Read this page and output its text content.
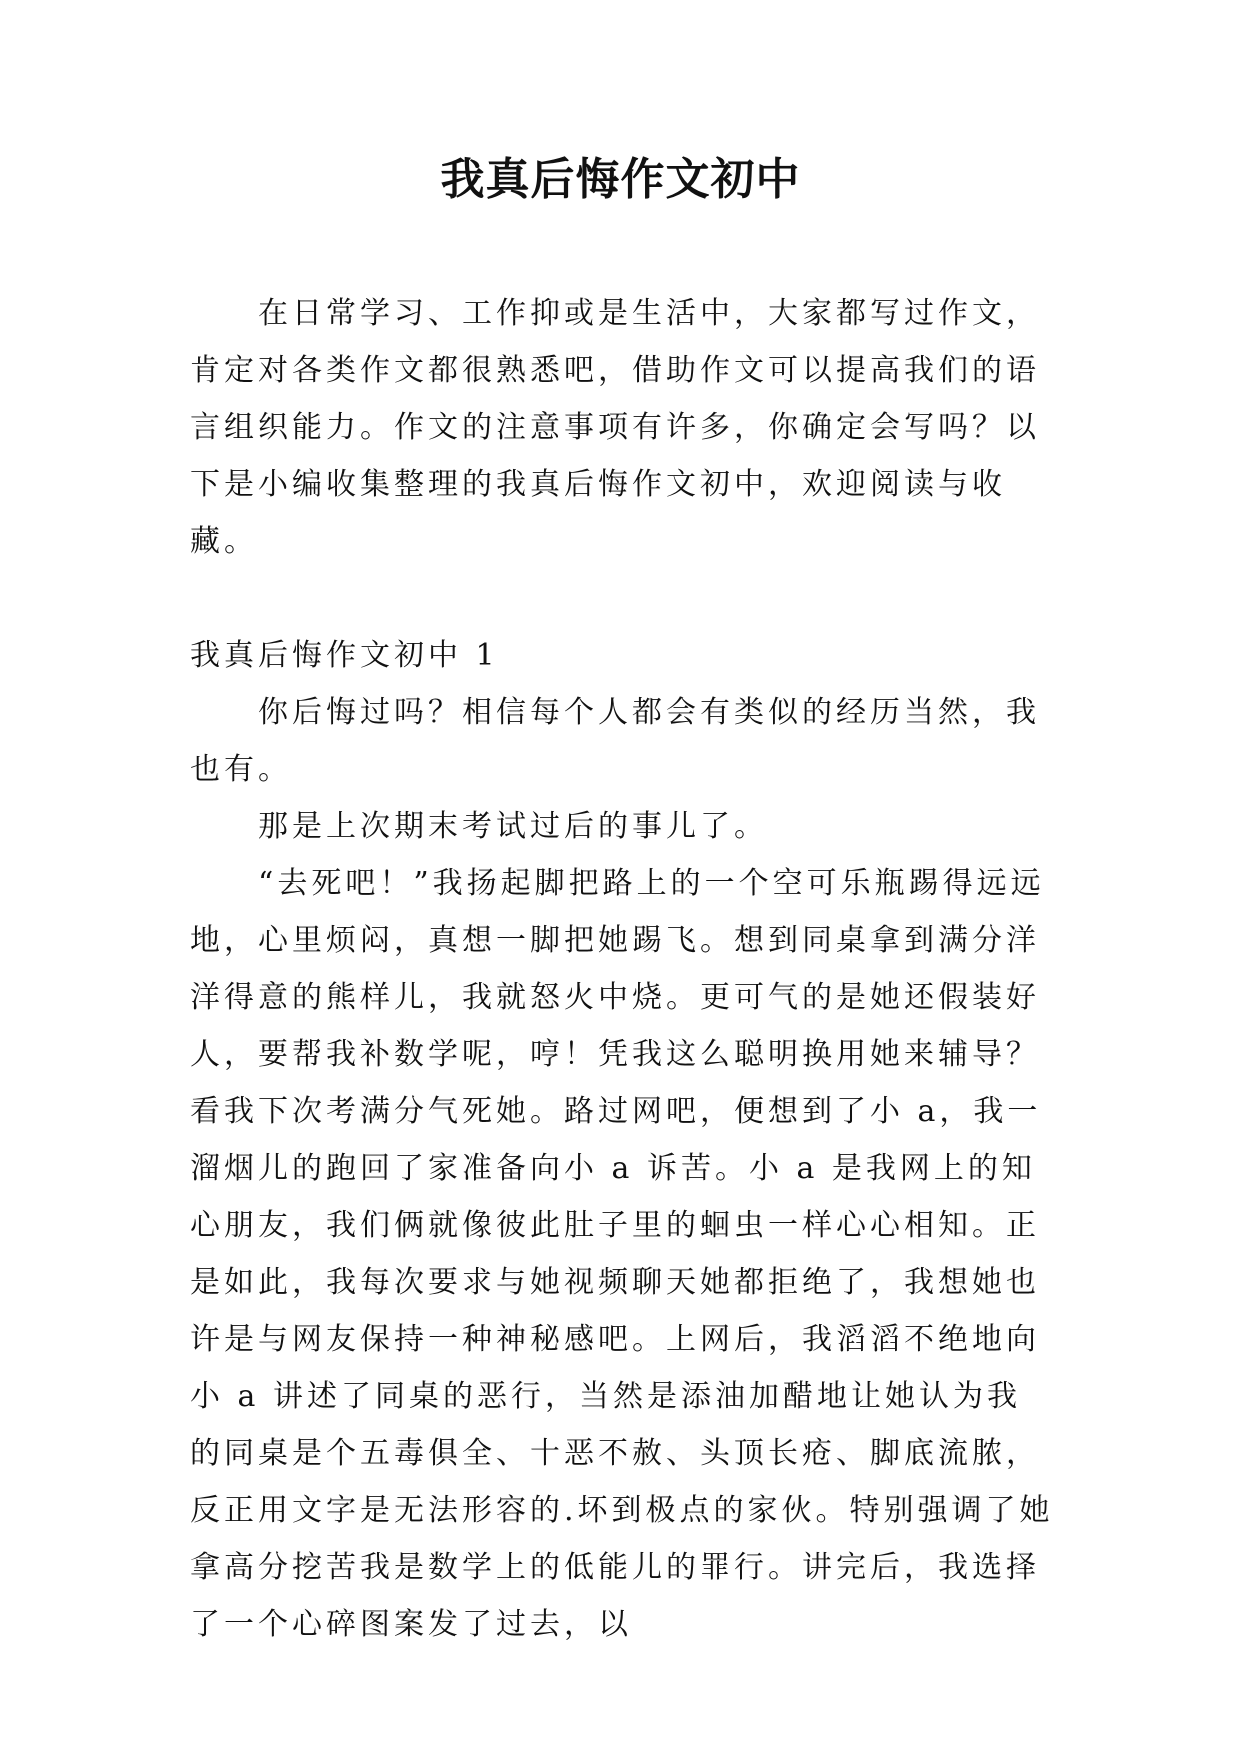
我真后悔作文初中

在日常学习、工作抑或是生活中，大家都写过作文，肯定对各类作文都很熟悉吧，借助作文可以提高我们的语言组织能力。作文的注意事项有许多，你确定会写吗？以下是小编收集整理的我真后悔作文初中，欢迎阅读与收藏。

我真后悔作文初中 1

你后悔过吗？相信每个人都会有类似的经历当然，我也有。

那是上次期末考试过后的事儿了。

“去死吧！”我扬起脚把路上的一个空可乐瓶踢得远远地，心里烦闷，真想一脚把她踢飞。想到同桌拿到满分洋洋得意的熊样儿，我就怒火中烧。更可气的是她还假装好人，要帮我补数学呢，哼！凭我这么聪明换用她来辅导？看我下次考满分气死她。路过网吧，便想到了小 a，我一溜烟儿的跑回了家准备向小 a 诉苦。小 a 是我网上的知心朋友，我们俩就像彼此肚子里的蛔虫一样心心相知。正是如此，我每次要求与她视频聊天她都拒绝了，我想她也许是与网友保持一种神秘感吧。上网后，我滔滔不绝地向小 a 讲述了同桌的恶行，当然是添油加醋地让她认为我的同桌是个五毒俱全、十恶不赦、头顶长疮、脚底流脓，反正用文字是无法形容的.坏到极点的家伙。特别强调了她拿高分挖苦我是数学上的低能儿的罪行。讲完后，我选择了一个心碎图案发了过去，以
